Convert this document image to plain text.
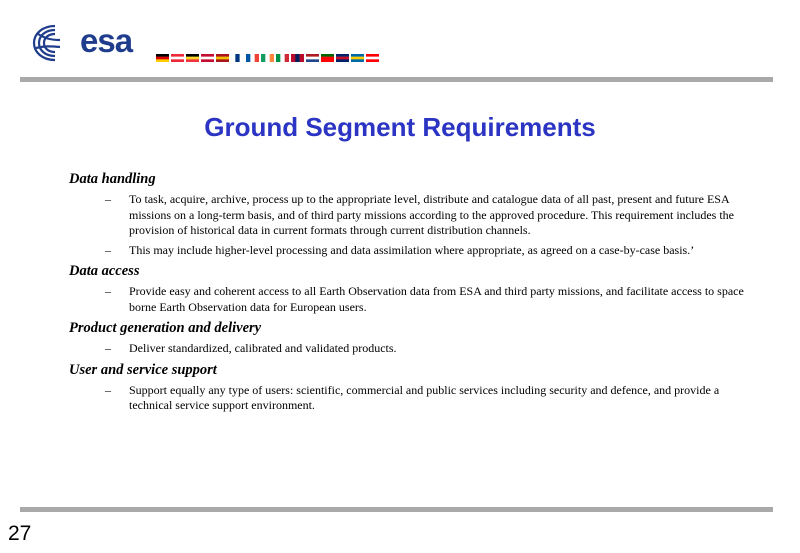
esa
Ground Segment Requirements
Data handling
– To task, acquire, archive, process up to the appropriate level, distribute and catalogue data of all past, present and future ESA missions on a long-term basis, and of third party missions according to the approved procedure. This requirement includes the provision of historical data in current formats through current distribution channels.
– This may include higher-level processing and data assimilation where appropriate, as agreed on a case-by-case basis.’
Data access
– Provide easy and coherent access to all Earth Observation data from ESA and third party missions, and facilitate access to space borne Earth Observation data for European users.
Product generation and delivery
– Deliver standardized, calibrated and validated products.
User and service support
– Support equally any type of users: scientific, commercial and public services including security and defence, and provide a technical service support environment.
27
